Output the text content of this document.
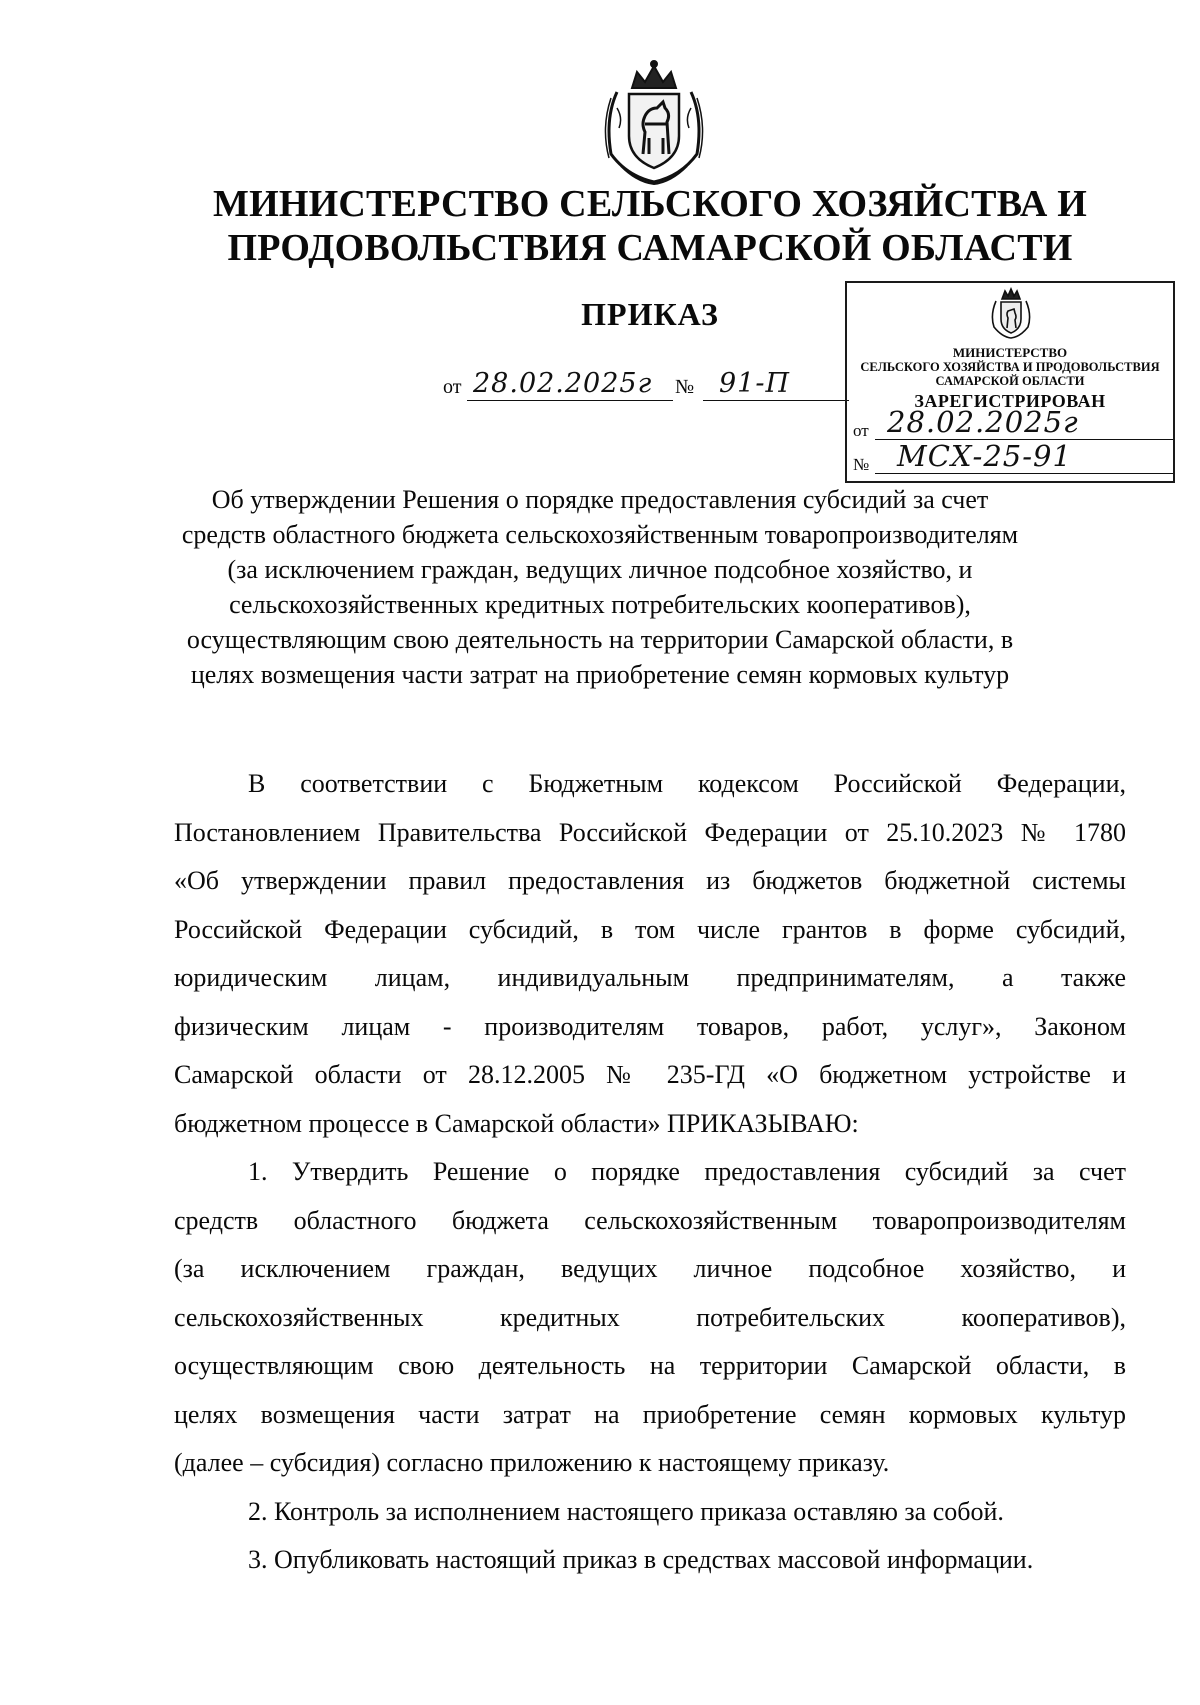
МИНИСТЕРСТВО СЕЛЬСКОГО ХОЗЯЙСТВА И
ПРОДОВОЛЬСТВИЯ САМАРСКОЙ ОБЛАСТИ
ПРИКАЗ
от 28.02.2025г № 91-П
МИНИСТЕРСТВО
СЕЛЬСКОГО ХОЗЯЙСТВА И ПРОДОВОЛЬСТВИЯ
САМАРСКОЙ ОБЛАСТИ
ЗАРЕГИСТРИРОВАН
от 28.02.2025г
№ МСХ-25-91
Об утверждении Решения о порядке предоставления субсидий за счет
средств областного бюджета сельскохозяйственным товаропроизводителям
(за исключением граждан, ведущих личное подсобное хозяйство, и
сельскохозяйственных кредитных потребительских кооперативов),
осуществляющим свою деятельность на территории Самарской области, в
целях возмещения части затрат на приобретение семян кормовых культур
В соответствии с Бюджетным кодексом Российской Федерации,
Постановлением Правительства Российской Федерации от 25.10.2023 № 1780
«Об утверждении правил предоставления из бюджетов бюджетной системы
Российской Федерации субсидий, в том числе грантов в форме субсидий,
юридическим лицам, индивидуальным предпринимателям, а также
физическим лицам - производителям товаров, работ, услуг», Законом
Самарской области от 28.12.2005 № 235-ГД «О бюджетном устройстве и
бюджетном процессе в Самарской области» ПРИКАЗЫВАЮ:
1. Утвердить Решение о порядке предоставления субсидий за счет
средств областного бюджета сельскохозяйственным товаропроизводителям
(за исключением граждан, ведущих личное подсобное хозяйство, и
сельскохозяйственных кредитных потребительских кооперативов),
осуществляющим свою деятельность на территории Самарской области, в
целях возмещения части затрат на приобретение семян кормовых культур
(далее – субсидия) согласно приложению к настоящему приказу.
2. Контроль за исполнением настоящего приказа оставляю за собой.
3. Опубликовать настоящий приказ в средствах массовой информации.
